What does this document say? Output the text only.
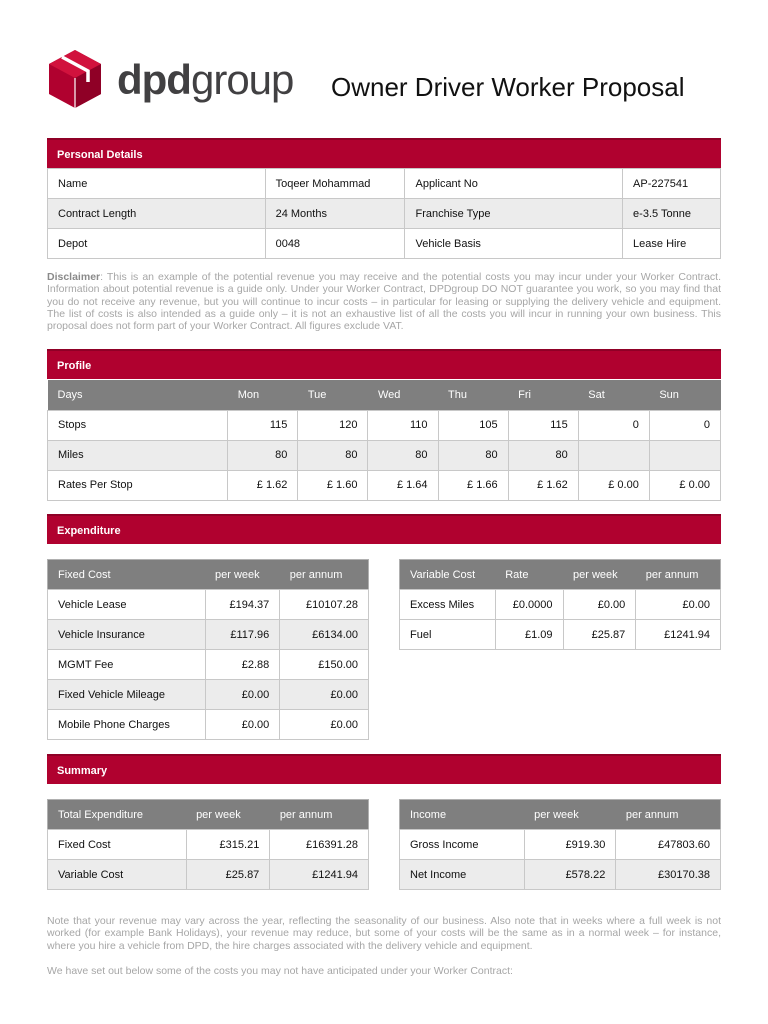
dpdgroup Owner Driver Worker Proposal
Personal Details
Name	Toqeer Mohammad	Applicant No	AP-227541
Contract Length	24 Months	Franchise Type	e-3.5 Tonne
Depot	0048	Vehicle Basis	Lease Hire
Disclaimer: This is an example of the potential revenue you may receive and the potential costs you may incur under your Worker Contract. Information about potential revenue is a guide only. Under your Worker Contract, DPDgroup DO NOT guarantee you work, so you may find that you do not receive any revenue, but you will continue to incur costs – in particular for leasing or supplying the delivery vehicle and equipment. The list of costs is also intended as a guide only – it is not an exhaustive list of all the costs you will incur in running your own business. This proposal does not form part of your Worker Contract. All figures exclude VAT.
Profile
Days	Mon	Tue	Wed	Thu	Fri	Sat	Sun
Stops	115	120	110	105	115	0	0
Miles	80	80	80	80	80		
Rates Per Stop	£ 1.62	£ 1.60	£ 1.64	£ 1.66	£ 1.62	£ 0.00	£ 0.00
Expenditure
Fixed Cost	per week	per annum
Vehicle Lease	£194.37	£10107.28
Vehicle Insurance	£117.96	£6134.00
MGMT Fee	£2.88	£150.00
Fixed Vehicle Mileage	£0.00	£0.00
Mobile Phone Charges	£0.00	£0.00
Variable Cost	Rate	per week	per annum
Excess Miles	£0.0000	£0.00	£0.00
Fuel	£1.09	£25.87	£1241.94
Summary
Total Expenditure	per week	per annum
Fixed Cost	£315.21	£16391.28
Variable Cost	£25.87	£1241.94
Income	per week	per annum
Gross Income	£919.30	£47803.60
Net Income	£578.22	£30170.38
Note that your revenue may vary across the year, reflecting the seasonality of our business. Also note that in weeks where a full week is not worked (for example Bank Holidays), your revenue may reduce, but some of your costs will be the same as in a normal week – for instance, where you hire a vehicle from DPD, the hire charges associated with the delivery vehicle and equipment.
We have set out below some of the costs you may not have anticipated under your Worker Contract:
